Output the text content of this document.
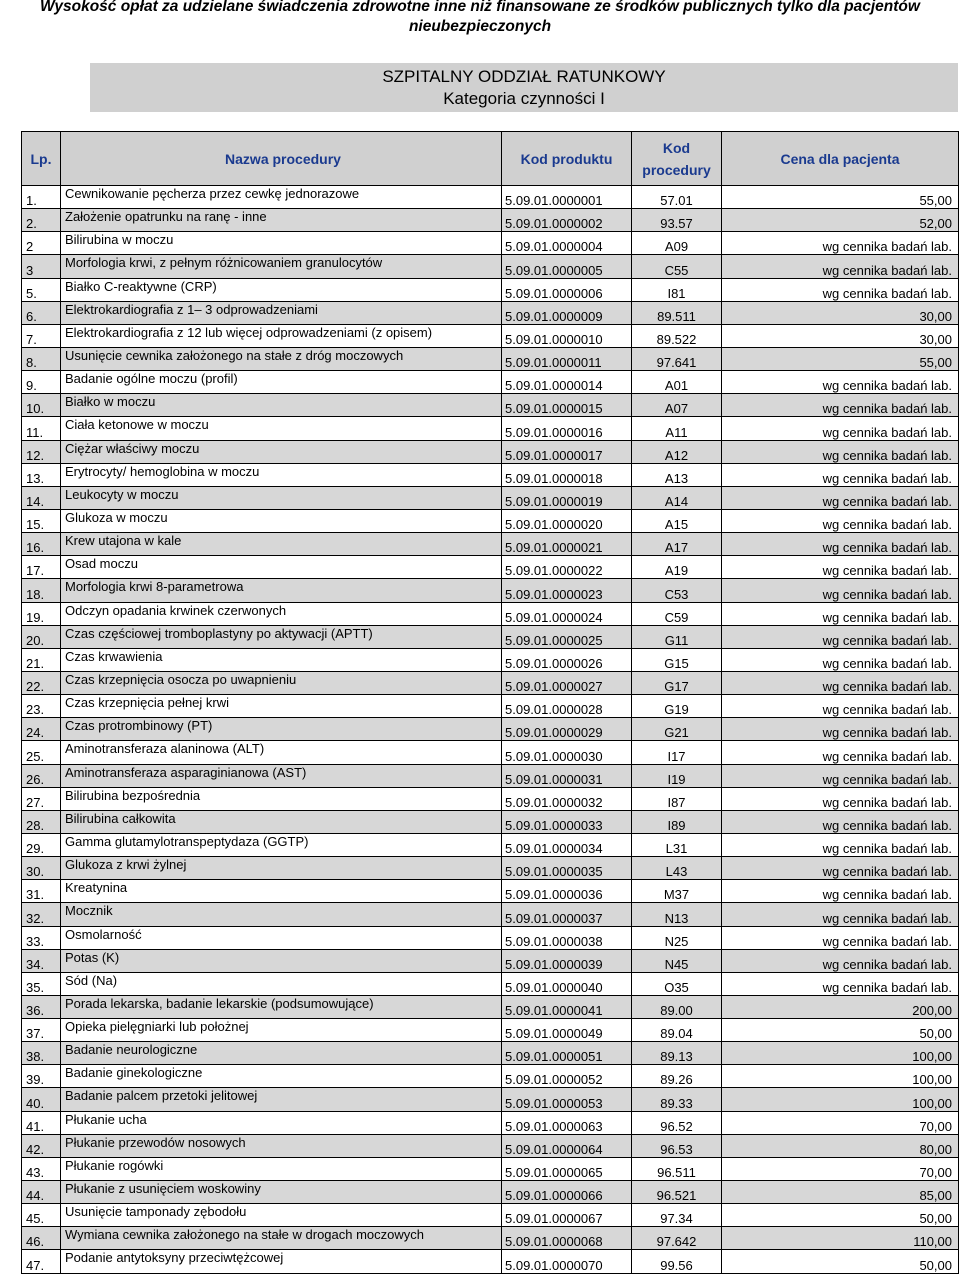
Wysokość opłat za udzielane świadczenia zdrowotne inne niż finansowane ze środków publicznych tylko dla pacjentów nieubezpieczonych
SZPITALNY ODDZIAŁ RATUNKOWY
Kategoria czynności I
Lp.	Nazwa procedury	Kod produktu	Kod procedury	Cena dla pacjenta
1.	Cewnikowanie pęcherza przez cewkę jednorazowe	5.09.01.0000001	57.01	55,00
2.	Założenie opatrunku na ranę - inne	5.09.01.0000002	93.57	52,00
2	Bilirubina w moczu	5.09.01.0000004	A09	wg cennika badań lab.
3	Morfologia krwi, z pełnym różnicowaniem granulocytów	5.09.01.0000005	C55	wg cennika badań lab.
5.	Białko C-reaktywne (CRP)	5.09.01.0000006	I81	wg cennika badań lab.
6.	Elektrokardiografia z 1– 3 odprowadzeniami	5.09.01.0000009	89.511	30,00
7.	Elektrokardiografia z 12 lub więcej odprowadzeniami (z opisem)	5.09.01.0000010	89.522	30,00
8.	Usunięcie cewnika założonego na stałe z dróg moczowych	5.09.01.0000011	97.641	55,00
9.	Badanie ogólne moczu (profil)	5.09.01.0000014	A01	wg cennika badań lab.
10.	Białko w moczu	5.09.01.0000015	A07	wg cennika badań lab.
11.	Ciała ketonowe w moczu	5.09.01.0000016	A11	wg cennika badań lab.
12.	Ciężar właściwy moczu	5.09.01.0000017	A12	wg cennika badań lab.
13.	Erytrocyty/ hemoglobina w moczu	5.09.01.0000018	A13	wg cennika badań lab.
14.	Leukocyty w moczu	5.09.01.0000019	A14	wg cennika badań lab.
15.	Glukoza w moczu	5.09.01.0000020	A15	wg cennika badań lab.
16.	Krew utajona w kale	5.09.01.0000021	A17	wg cennika badań lab.
17.	Osad moczu	5.09.01.0000022	A19	wg cennika badań lab.
18.	Morfologia krwi 8-parametrowa	5.09.01.0000023	C53	wg cennika badań lab.
19.	Odczyn opadania krwinek czerwonych	5.09.01.0000024	C59	wg cennika badań lab.
20.	Czas częściowej tromboplastyny po aktywacji (APTT)	5.09.01.0000025	G11	wg cennika badań lab.
21.	Czas krwawienia	5.09.01.0000026	G15	wg cennika badań lab.
22.	Czas krzepnięcia osocza po uwapnieniu	5.09.01.0000027	G17	wg cennika badań lab.
23.	Czas krzepnięcia pełnej krwi	5.09.01.0000028	G19	wg cennika badań lab.
24.	Czas protrombinowy (PT)	5.09.01.0000029	G21	wg cennika badań lab.
25.	Aminotransferaza alaninowa (ALT)	5.09.01.0000030	I17	wg cennika badań lab.
26.	Aminotransferaza asparaginianowa (AST)	5.09.01.0000031	I19	wg cennika badań lab.
27.	Bilirubina bezpośrednia	5.09.01.0000032	I87	wg cennika badań lab.
28.	Bilirubina całkowita	5.09.01.0000033	I89	wg cennika badań lab.
29.	Gamma glutamylotranspeptydaza (GGTP)	5.09.01.0000034	L31	wg cennika badań lab.
30.	Glukoza z krwi żylnej	5.09.01.0000035	L43	wg cennika badań lab.
31.	Kreatynina	5.09.01.0000036	M37	wg cennika badań lab.
32.	Mocznik	5.09.01.0000037	N13	wg cennika badań lab.
33.	Osmolarność	5.09.01.0000038	N25	wg cennika badań lab.
34.	Potas (K)	5.09.01.0000039	N45	wg cennika badań lab.
35.	Sód (Na)	5.09.01.0000040	O35	wg cennika badań lab.
36.	Porada lekarska, badanie lekarskie (podsumowujące)	5.09.01.0000041	89.00	200,00
37.	Opieka pielęgniarki lub położnej	5.09.01.0000049	89.04	50,00
38.	Badanie neurologiczne	5.09.01.0000051	89.13	100,00
39.	Badanie ginekologiczne	5.09.01.0000052	89.26	100,00
40.	Badanie palcem przetoki jelitowej	5.09.01.0000053	89.33	100,00
41.	Płukanie ucha	5.09.01.0000063	96.52	70,00
42.	Płukanie przewodów nosowych	5.09.01.0000064	96.53	80,00
43.	Płukanie rogówki	5.09.01.0000065	96.511	70,00
44.	Płukanie z usunięciem woskowiny	5.09.01.0000066	96.521	85,00
45.	Usunięcie tamponady zębodołu	5.09.01.0000067	97.34	50,00
46.	Wymiana cewnika założonego na stałe w drogach moczowych	5.09.01.0000068	97.642	110,00
47.	Podanie antytoksyny przeciwtężcowej	5.09.01.0000070	99.56	50,00
